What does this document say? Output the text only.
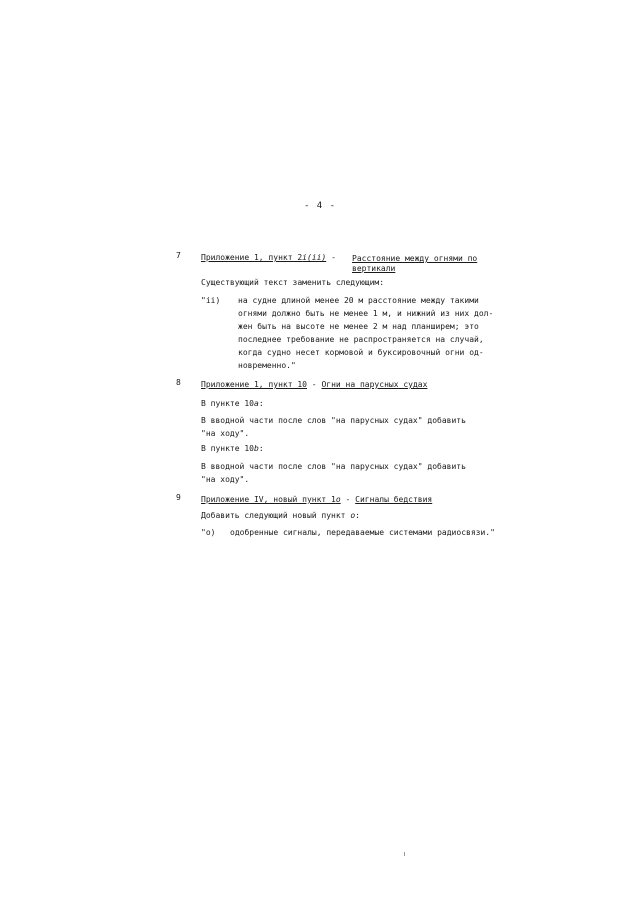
- 4 -
7	Приложение 1, пункт 2i(ii) - Расстояние между огнями по
вертикали
Существующий текст заменить следующим:
"ii) на судне длиной менее 20 м расстояние между такими
огнями должно быть не менее 1 м, и нижний из них дол-
жен быть на высоте не менее 2 м над планширем; это
последнее требование не распространяется на случай,
когда судно несет кормовой и буксировочный огни од-
новременно."
8	Приложение 1, пункт 10 - Огни на парусных судах
В пункте 10a:
В вводной части после слов "на парусных судах" добавить
"на ходу".
В пункте 10b:
В вводной части после слов "на парусных судах" добавить
"на ходу".
9	Приложение IV, новый пункт 1o - Сигналы бедствия
Добавить следующий новый пункт o:
"o) одобренные сигналы, передаваемые системами радиосвязи."
